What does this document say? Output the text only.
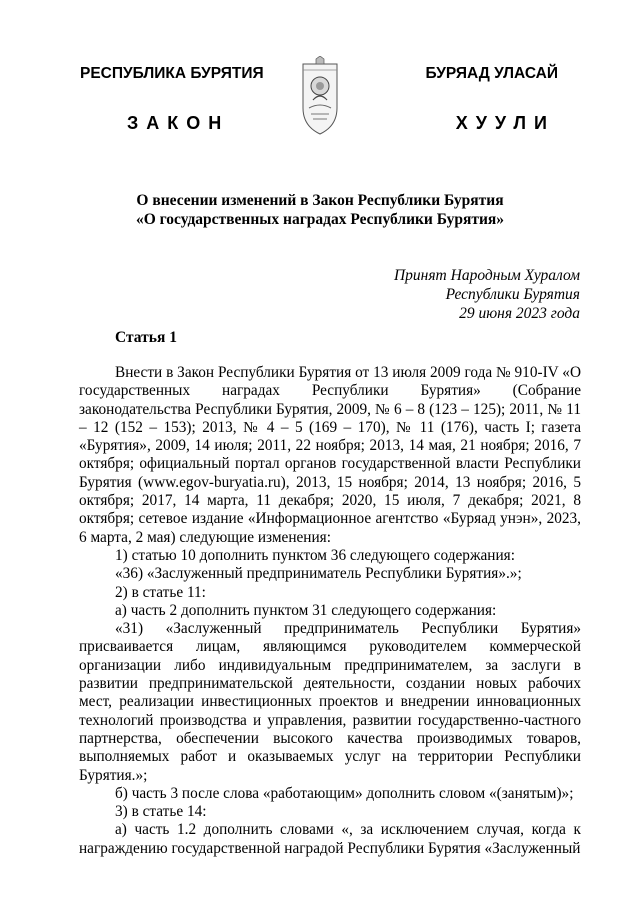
РЕСПУБЛИКА БУРЯТИЯ	БУРЯАД УЛАСАЙ
ЗАКОН	ХУУЛИ
О внесении изменений в Закон Республики Бурятия
«О государственных наградах Республики Бурятия»
Принят Народным Хуралом
Республики Бурятия
29 июня 2023 года
Статья 1

Внести в Закон Республики Бурятия от 13 июля 2009 года № 910-IV «О государственных наградах Республики Бурятия» (Собрание законодательства Республики Бурятия, 2009, № 6 – 8 (123 – 125); 2011, № 11 – 12 (152 – 153); 2013, № 4 – 5 (169 – 170), № 11 (176), часть I; газета «Бурятия», 2009, 14 июля; 2011, 22 ноября; 2013, 14 мая, 21 ноября; 2016, 7 октября; официальный портал органов государственной власти Республики Бурятия (www.egov-buryatia.ru), 2013, 15 ноября; 2014, 13 ноября; 2016, 5 октября; 2017, 14 марта, 11 декабря; 2020, 15 июля, 7 декабря; 2021, 8 октября; сетевое издание «Информационное агентство «Буряад унэн», 2023, 6 марта, 2 мая) следующие изменения:

1) статью 10 дополнить пунктом 36 следующего содержания:

«36) «Заслуженный предприниматель Республики Бурятия».»;

2) в статье 11:

а) часть 2 дополнить пунктом 31 следующего содержания:

«31) «Заслуженный предприниматель Республики Бурятия» присваивается лицам, являющимся руководителем коммерческой организации либо индивидуальным предпринимателем, за заслуги в развитии предпринимательской деятельности, создании новых рабочих мест, реализации инвестиционных проектов и внедрении инновационных технологий производства и управления, развитии государственно-частного партнерства, обеспечении высокого качества производимых товаров, выполняемых работ и оказываемых услуг на территории Республики Бурятия.»;

б) часть 3 после слова «работающим» дополнить словом «(занятым)»;

3) в статье 14:

а) часть 1.2 дополнить словами «, за исключением случая, когда к награждению государственной наградой Республики Бурятия «Заслуженный
